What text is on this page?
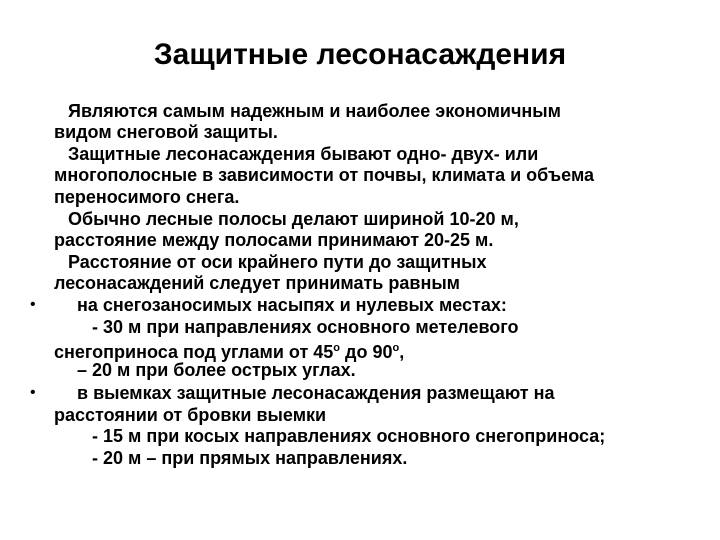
Защитные лесонасаждения
Являются самым надежным и наиболее экономичным
видом снеговой защиты.
Защитные лесонасаждения бывают одно- двух- или
многополосные в зависимости от почвы, климата и объема
переносимого снега.
Обычно лесные полосы делают шириной 10-20 м,
расстояние между полосами принимают 20-25 м.
Расстояние от оси крайнего пути до защитных
лесонасаждений следует принимать равным
• на снегозаносимых насыпях и нулевых местах:
- 30 м при направлениях основного метелевого
снегоприноса под углами от $45^о$ до $90^о$,
– 20 м при более острых углах.
• в выемках защитные лесонасаждения размещают на
расстоянии от бровки выемки
- 15 м при косых направлениях основного снегоприноса;
- 20 м – при прямых направлениях.
